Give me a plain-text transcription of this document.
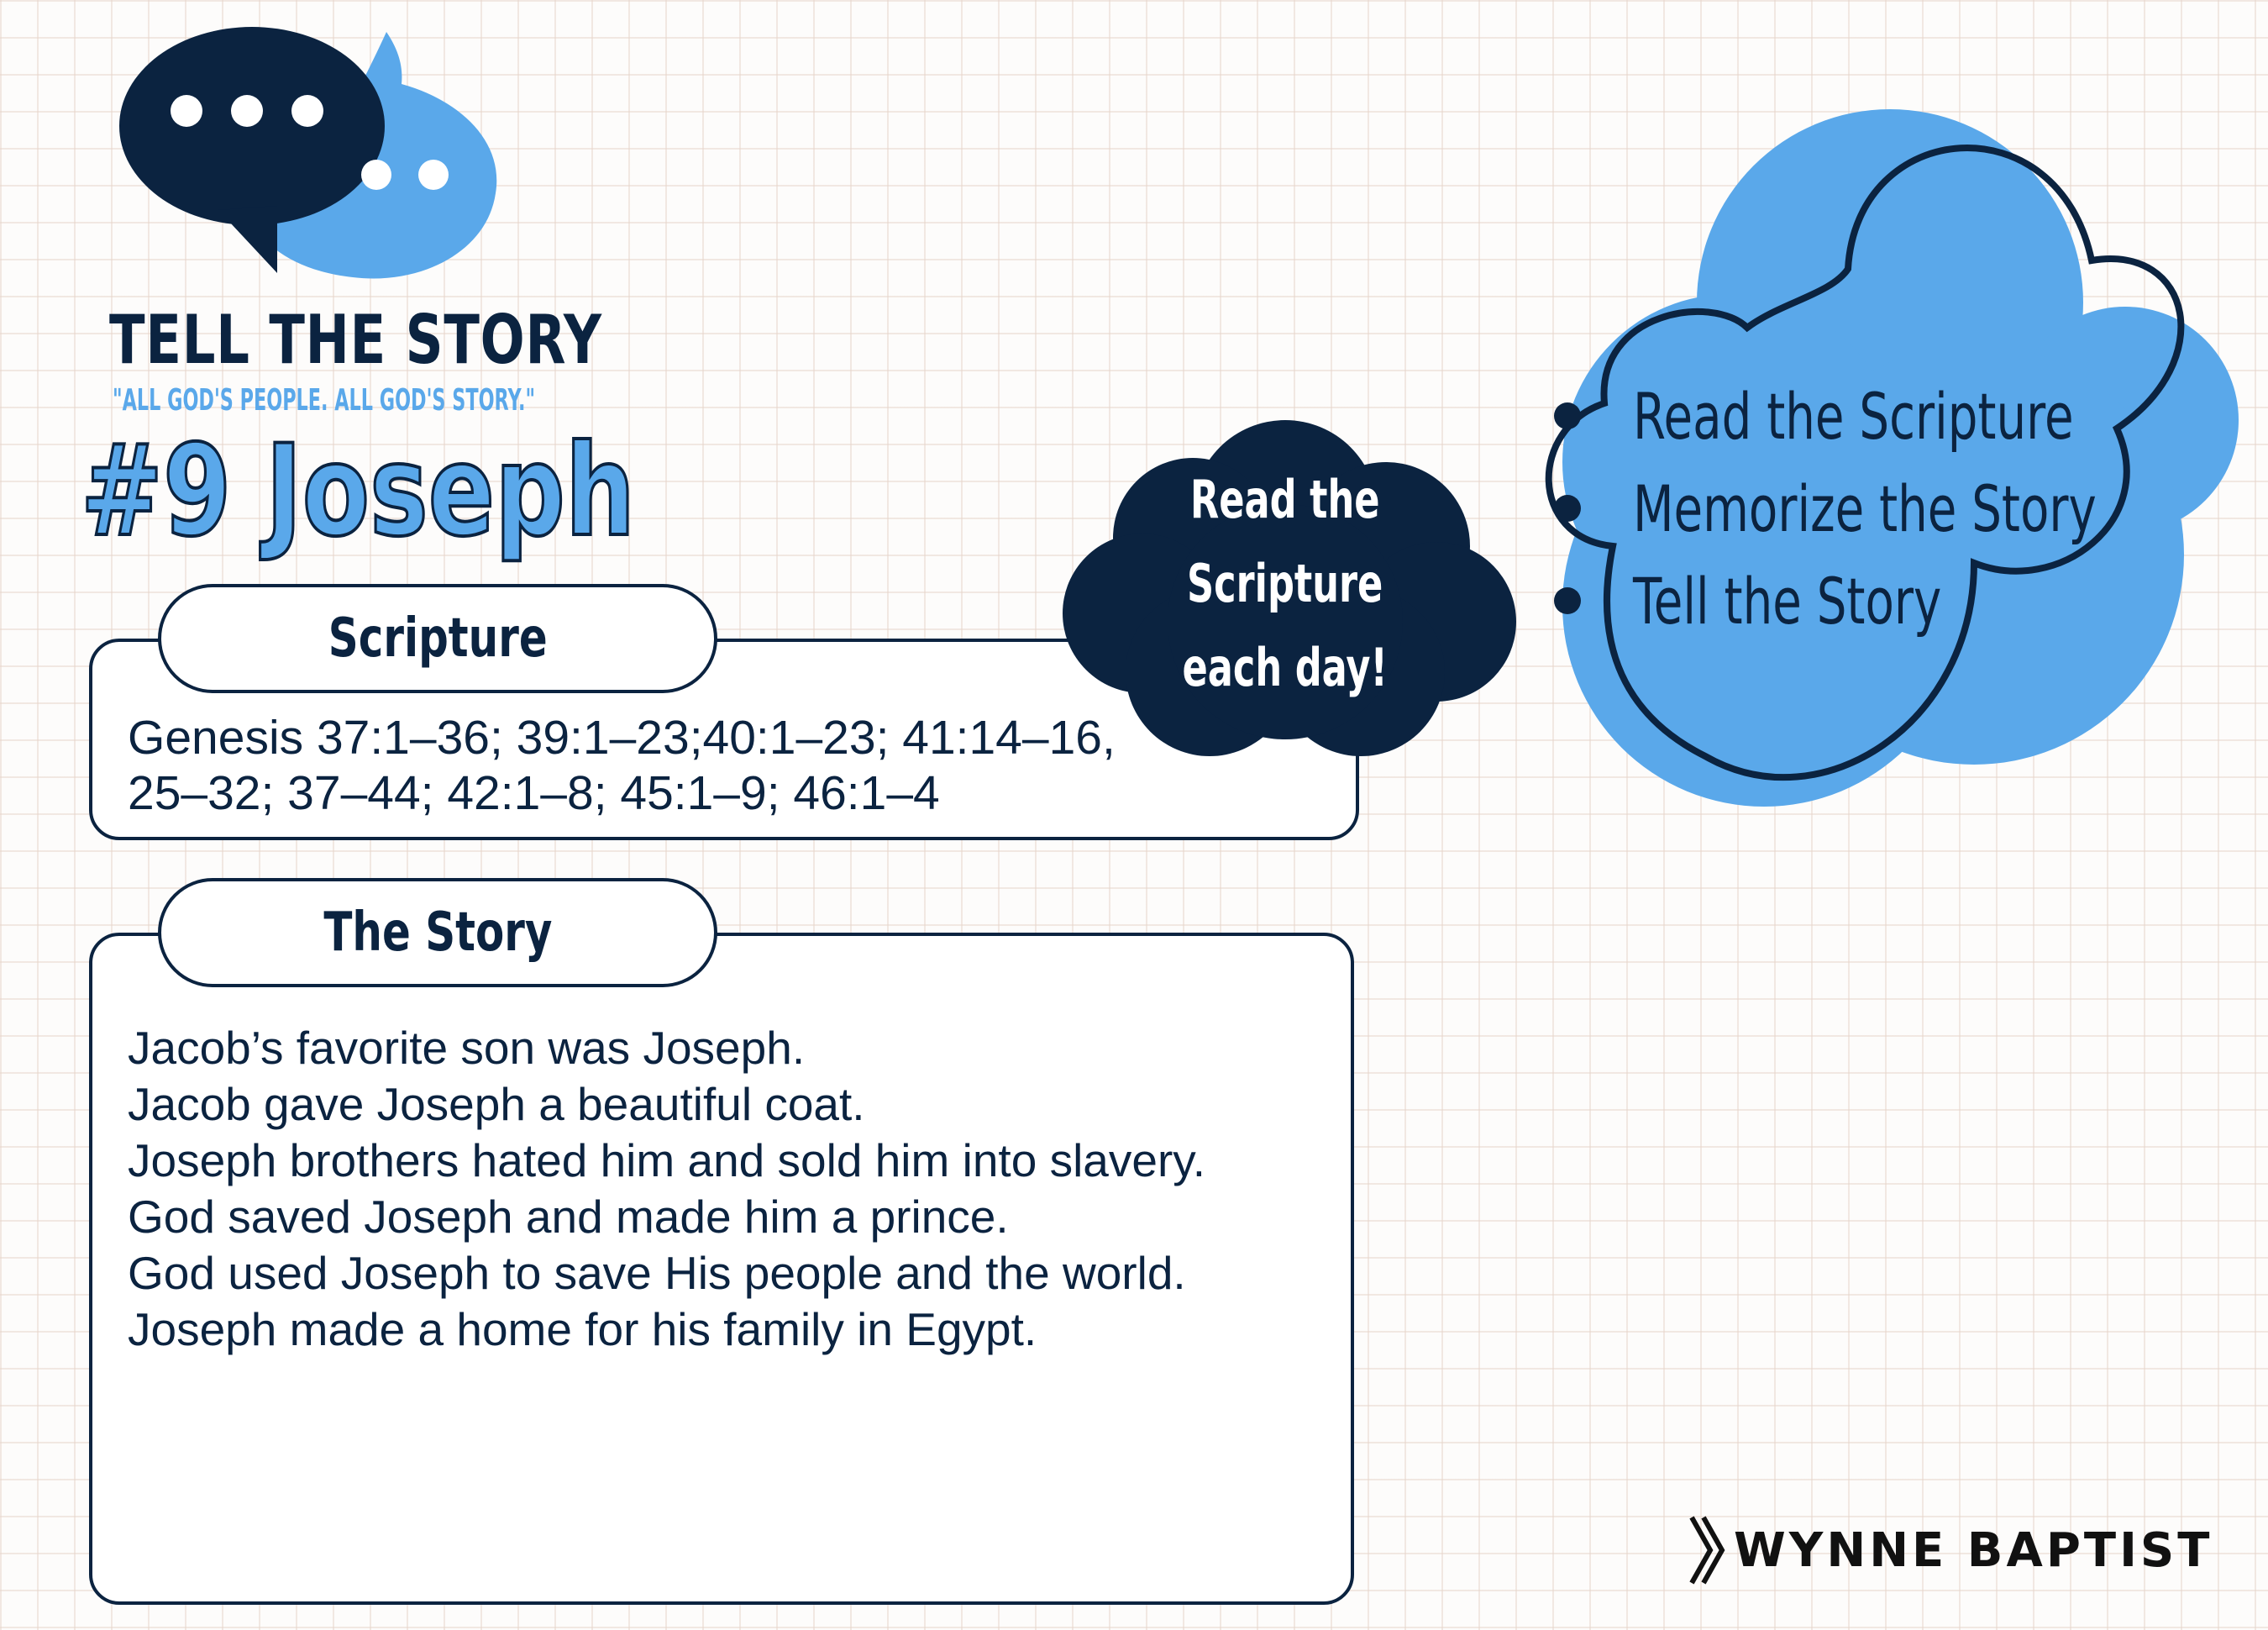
TELL THE STORY

"ALL GOD'S PEOPLE. ALL GOD'S STORY."

#9 Joseph
Read the Scripture
Memorize the Story
Tell the Story
Scripture

Genesis 37:1–36; 39:1–23;40:1–23; 41:14–16,
25–32; 37–44; 42:1–8; 45:1–9; 46:1–4

Read the
Scripture
each day!
The Story
Jacob’s favorite son was Joseph.
Jacob gave Joseph a beautiful coat.
Joseph brothers hated him and sold him into slavery.
God saved Joseph and made him a prince.
God used Joseph to save His people and the world.
Joseph made a home for his family in Egypt.
WYNNE BAPTIST
